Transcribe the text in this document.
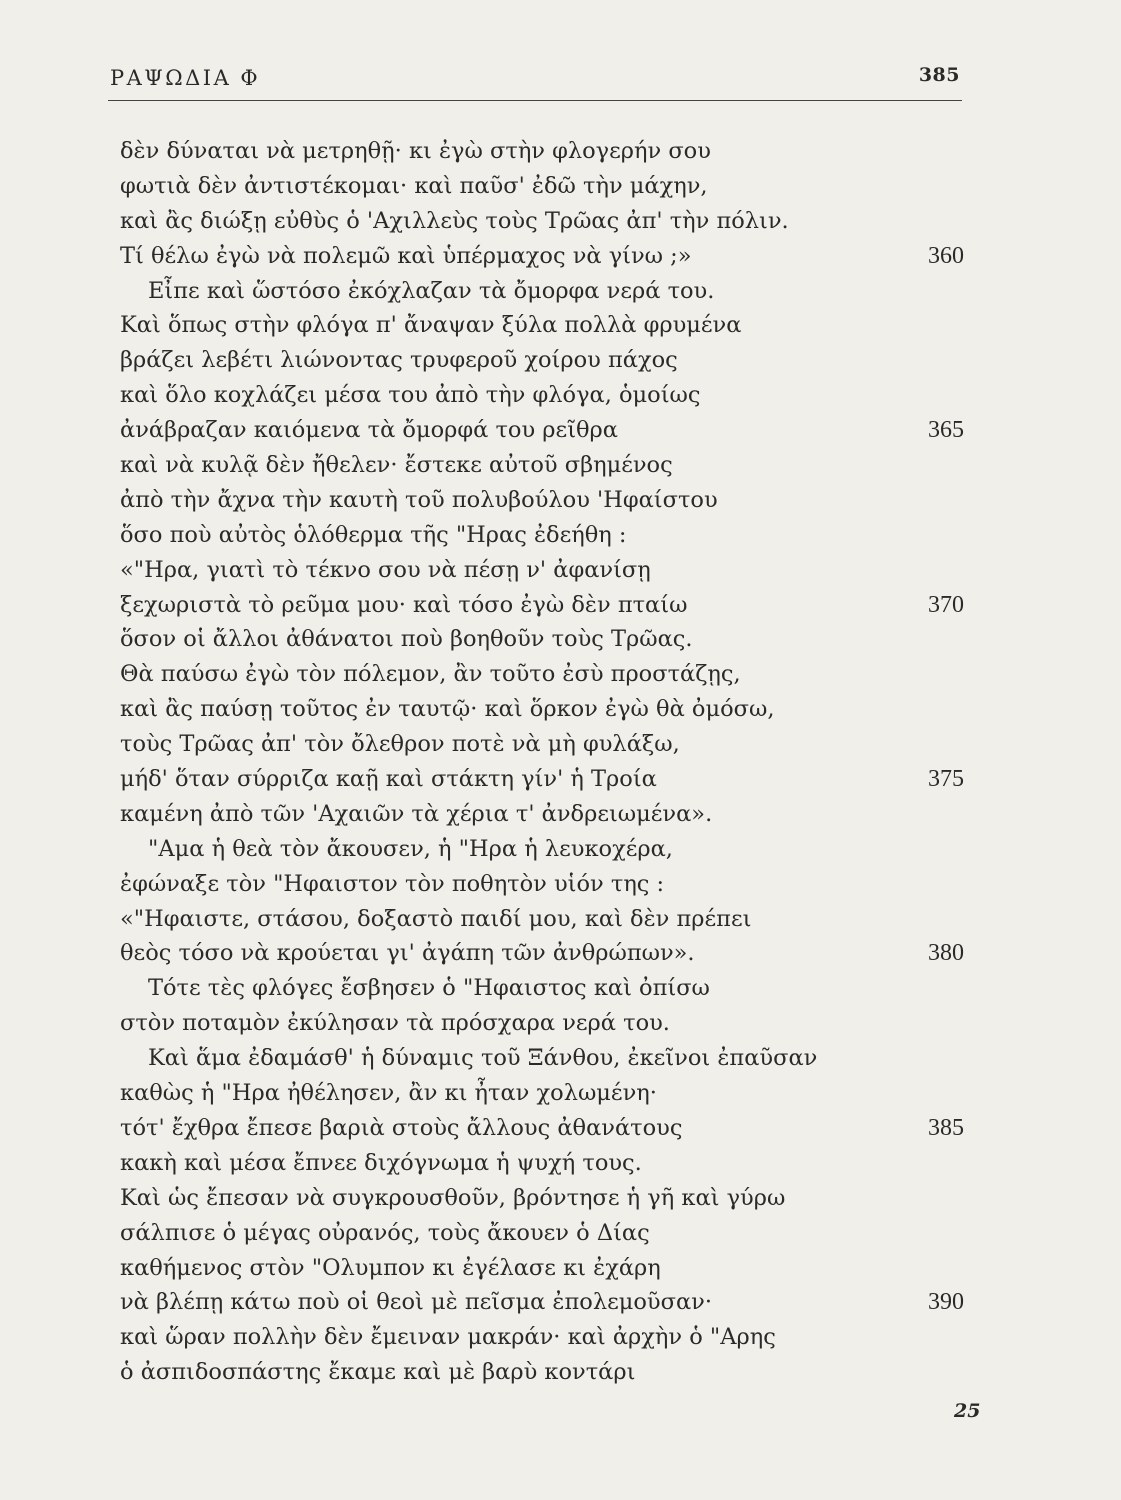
ΡΑΨΩΔΙΑ Φ	385
δὲν δύναται νὰ μετρηθῇ· κι ἐγὼ στὴν φλογερήν σου
φωτιὰ δὲν ἀντιστέκομαι· καὶ παῦσ' ἐδῶ τὴν μάχην,
καὶ ἂς διώξῃ εὐθὺς ὁ 'Αχιλλεὺς τοὺς Τρῶας ἀπ' τὴν πόλιν.
Τί θέλω ἐγὼ νὰ πολεμῶ καὶ ὑπέρμαχος νὰ γίνω ;»	360
Εἶπε καὶ ὥστόσο ἐκόχλαζαν τὰ ὄμορφα νερά του.
Καὶ ὅπως στὴν φλόγα π' ἄναψαν ξύλα πολλὰ φρυμένα
βράζει λεβέτι λιώνοντας τρυφεροῦ χοίρου πάχος
καὶ ὅλο κοχλάζει μέσα του ἀπὸ τὴν φλόγα, ὁμοίως
ἀνάβραζαν καιόμενα τὰ ὄμορφά του ρεῖθρα	365
καὶ νὰ κυλᾷ δὲν ἤθελεν· ἔστεκε αὐτοῦ σβημένος
ἀπὸ τὴν ἄχνα τὴν καυτὴ τοῦ πολυβούλου 'Ηφαίστου
ὅσο ποὺ αὐτὸς ὁλόθερμα τῆς "Ηρας ἐδεήθη :
«"Ηρα, γιατὶ τὸ τέκνο σου νὰ πέσῃ ν' ἀφανίσῃ
ξεχωριστὰ τὸ ρεῦμα μου· καὶ τόσο ἐγὼ δὲν πταίω	370
ὅσον οἱ ἄλλοι ἀθάνατοι ποὺ βοηθοῦν τοὺς Τρῶας.
Θὰ παύσω ἐγὼ τὸν πόλεμον, ἂν τοῦτο ἐσὺ προστάζῃς,
καὶ ἂς παύσῃ τοῦτος ἐν ταυτῷ· καὶ ὅρκον ἐγὼ θὰ ὀμόσω,
τοὺς Τρῶας ἀπ' τὸν ὄλεθρον ποτὲ νὰ μὴ φυλάξω,
μήδ' ὅταν σύρριζα καῇ καὶ στάκτη γίν' ἡ Τροία	375
καμένη ἀπὸ τῶν 'Αχαιῶν τὰ χέρια τ' ἀνδρειωμένα».
"Αμα ἡ θεὰ τὸν ἄκουσεν, ἡ "Ηρα ἡ λευκοχέρα,
ἐφώναξε τὸν "Ηφαιστον τὸν ποθητὸν υἱόν της :
«"Ηφαιστε, στάσου, δοξαστὸ παιδί μου, καὶ δὲν πρέπει
θεὸς τόσο νὰ κρούεται γι' ἀγάπη τῶν ἀνθρώπων».	380
Τότε τὲς φλόγες ἔσβησεν ὁ "Ηφαιστος καὶ ὀπίσω
στὸν ποταμὸν ἐκύλησαν τὰ πρόσχαρα νερά του.
Καὶ ἅμα ἐδαμάσθ' ἡ δύναμις τοῦ Ξάνθου, ἐκεῖνοι ἐπαῦσαν
καθὼς ἡ "Ηρα ἠθέλησεν, ἂν κι ἦταν χολωμένη·
τότ' ἔχθρα ἔπεσε βαριὰ στοὺς ἄλλους ἀθανάτους	385
κακὴ καὶ μέσα ἔπνεε διχόγνωμα ἡ ψυχή τους.
Καὶ ὡς ἔπεσαν νὰ συγκρουσθοῦν, βρόντησε ἡ γῆ καὶ γύρω
σάλπισε ὁ μέγας οὐρανός, τοὺς ἄκουεν ὁ Δίας
καθήμενος στὸν "Ολυμπον κι ἐγέλασε κι ἐχάρη
νὰ βλέπῃ κάτω ποὺ οἱ θεοὶ μὲ πεῖσμα ἐπολεμοῦσαν·	390
καὶ ὥραν πολλὴν δὲν ἔμειναν μακράν· καὶ ἀρχὴν ὁ "Αρης
ὁ ἀσπιδοσπάστης ἔκαμε καὶ μὲ βαρὺ κοντάρι
25
